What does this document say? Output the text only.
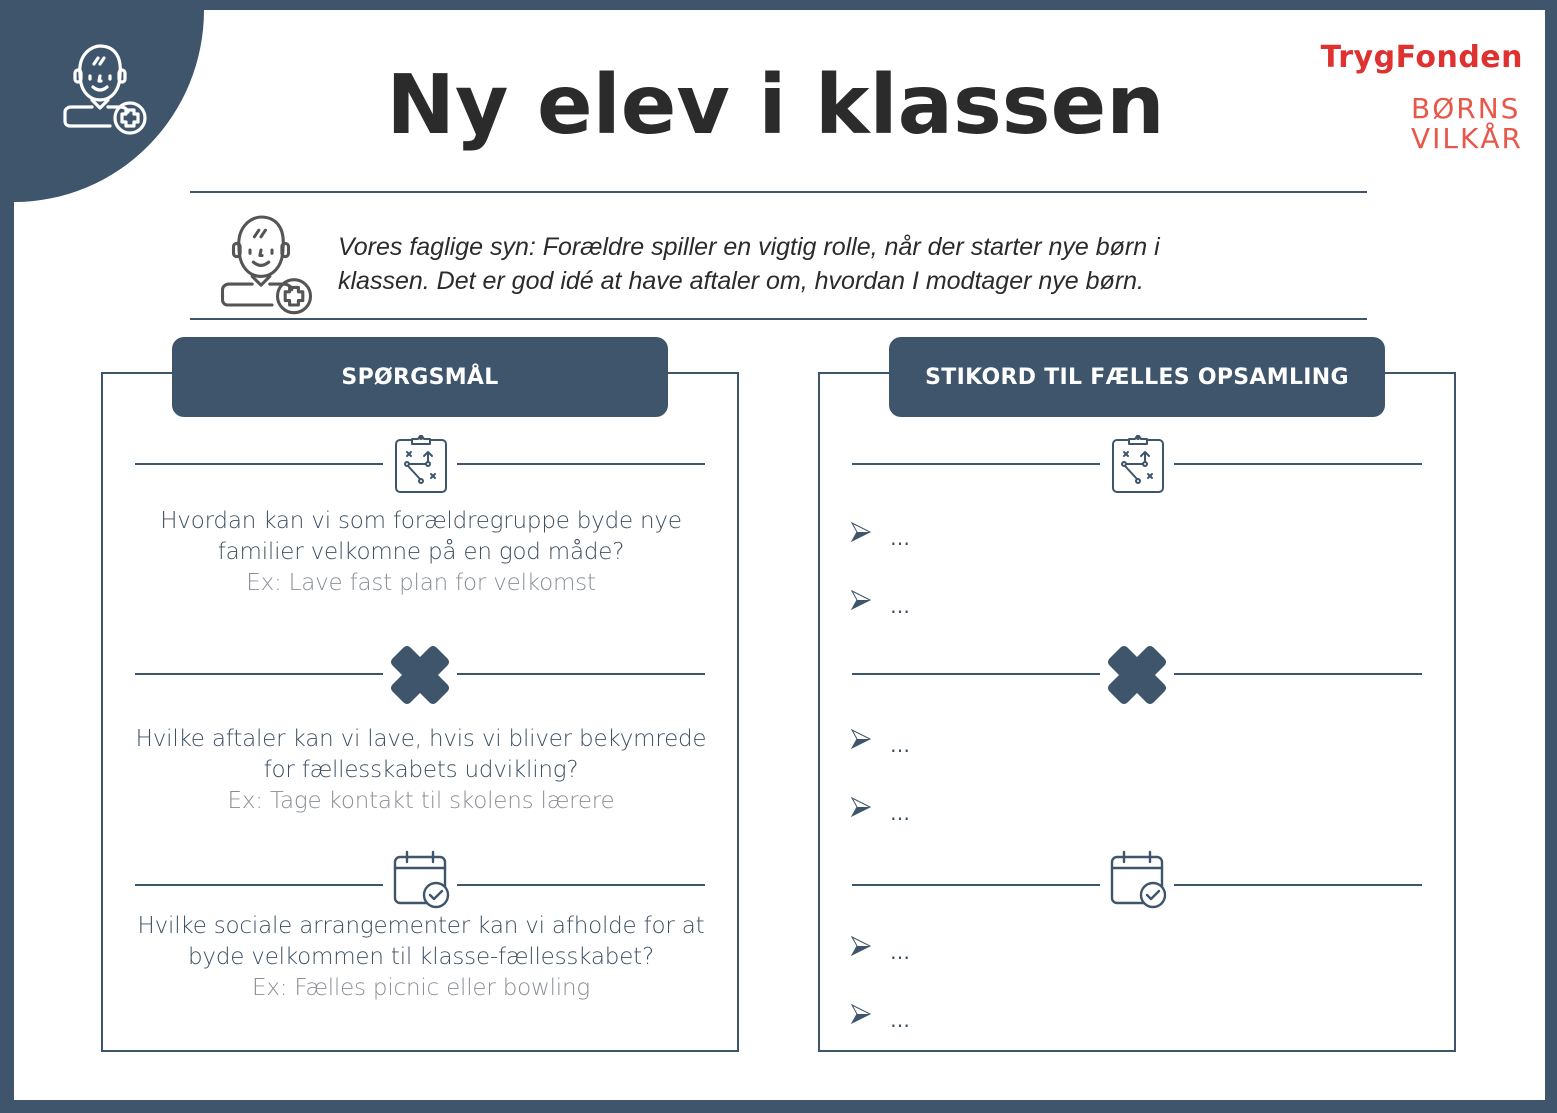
Ny elev i klassen
TrygFonden
BØRNS
VILKÅR
Vores faglige syn: Forældre spiller en vigtig rolle, når der starter nye børn i
klassen. Det er god idé at have aftaler om, hvordan I modtager nye børn.
SPØRGSMÅL
Hvordan kan vi som forældregruppe byde nye
familier velkomne på en god måde?
Ex: Lave fast plan for velkomst
Hvilke aftaler kan vi lave, hvis vi bliver bekymrede
for fællesskabets udvikling?
Ex: Tage kontakt til skolens lærere
Hvilke sociale arrangementer kan vi afholde for at
byde velkommen til klasse-fællesskabet?
Ex: Fælles picnic eller bowling
STIKORD TIL FÆLLES OPSAMLING
…
…
…
…
…
…
